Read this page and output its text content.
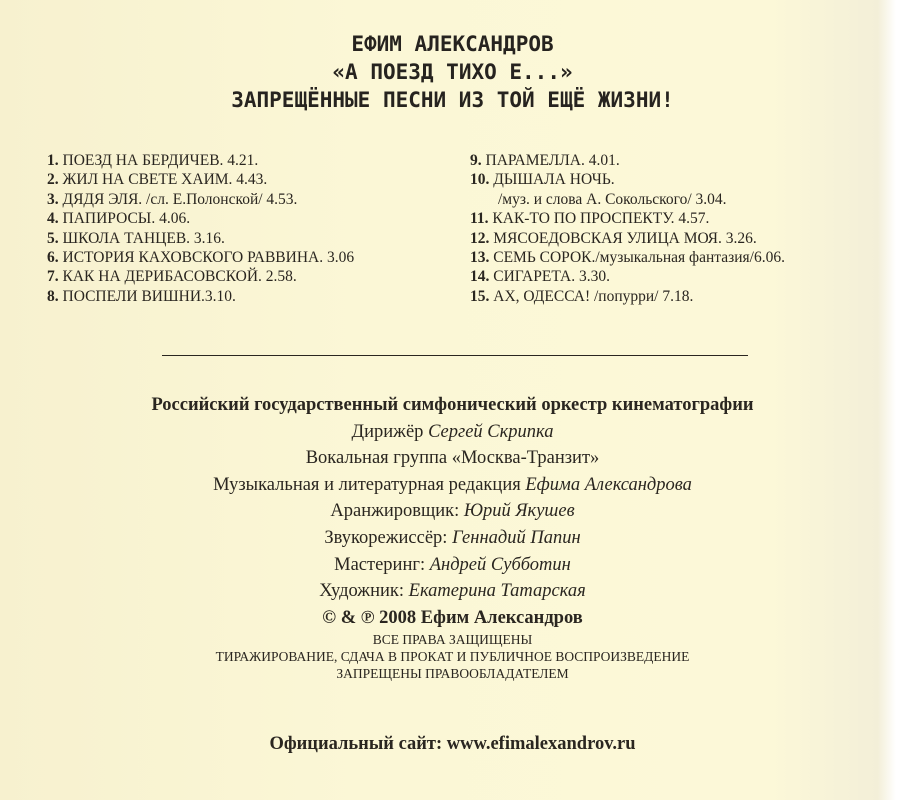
ЕФИМ АЛЕКСАНДРОВ
«А ПОЕЗД ТИХО Е...»
ЗАПРЕЩЁННЫЕ ПЕСНИ ИЗ ТОЙ ЕЩЁ ЖИЗНИ!
1. ПОЕЗД НА БЕРДИЧЕВ. 4.21.
2. ЖИЛ НА СВЕТЕ ХАИМ. 4.43.
3. ДЯДЯ ЭЛЯ. /сл. Е.Полонской/ 4.53.
4. ПАПИРОСЫ. 4.06.
5. ШКОЛА ТАНЦЕВ. 3.16.
6. ИСТОРИЯ КАХОВСКОГО РАВВИНА. 3.06
7. КАК НА ДЕРИБАСОВСКОЙ. 2.58.
8. ПОСПЕЛИ ВИШНИ.3.10.
9. ПАРАМЕЛЛА. 4.01.
10. ДЫШАЛА НОЧЬ.
/муз. и слова А. Сокольского/ 3.04.
11. КАК-ТО ПО ПРОСПЕКТУ. 4.57.
12. МЯСОЕДОВСКАЯ УЛИЦА МОЯ. 3.26.
13. СЕМЬ СОРОК./музыкальная фантазия/6.06.
14. СИГАРЕТА. 3.30.
15. АХ, ОДЕССА! /попурри/ 7.18.
Российский государственный симфонический оркестр кинематографии
Дирижёр Сергей Скрипка
Вокальная группа «Москва-Транзит»
Музыкальная и литературная редакция Ефима Александрова
Аранжировщик: Юрий Якушев
Звукорежиссёр: Геннадий Папин
Мастеринг: Андрей Субботин
Художник: Екатерина Татарская
© & ℗ 2008 Ефим Александров
ВСЕ ПРАВА ЗАЩИЩЕНЫ
ТИРАЖИРОВАНИЕ, СДАЧА В ПРОКАТ И ПУБЛИЧНОЕ ВОСПРОИЗВЕДЕНИЕ
ЗАПРЕЩЕНЫ ПРАВООБЛАДАТЕЛЕМ
Официальный сайт: www.efimalexandrov.ru
